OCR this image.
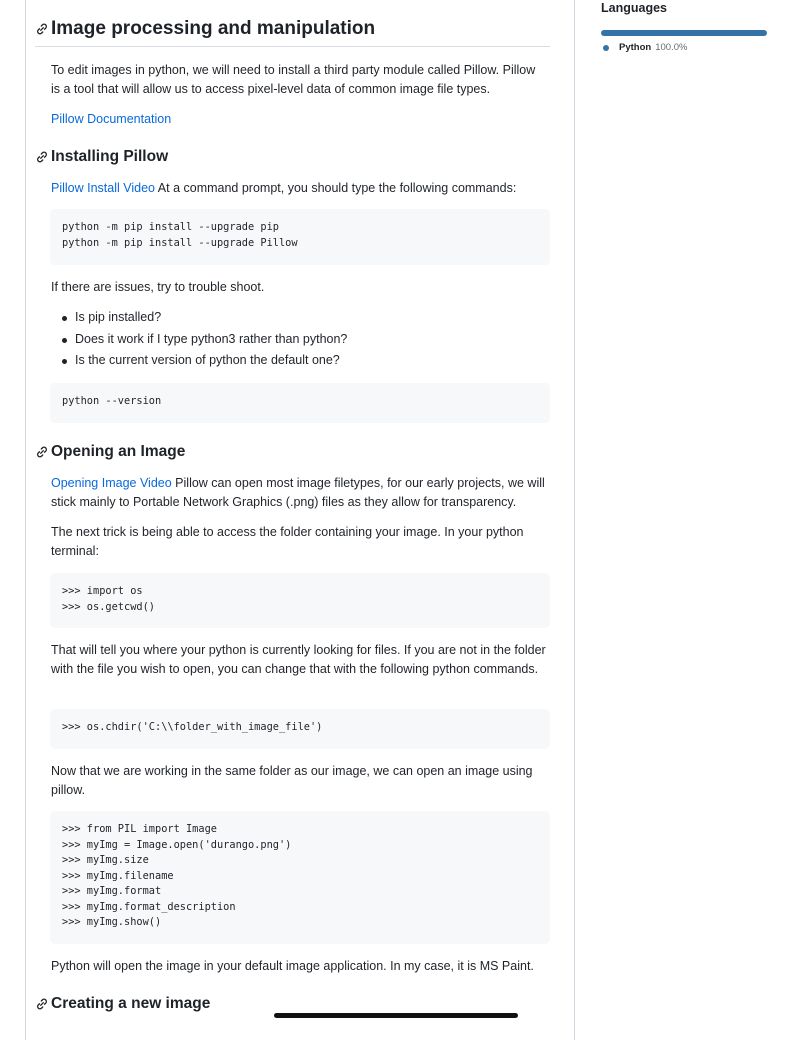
Image processing and manipulation

To edit images in python, we will need to install a third party module called Pillow. Pillow is a tool that will allow us to access pixel-level data of common image file types.

Pillow Documentation

Installing Pillow

Pillow Install Video At a command prompt, you should type the following commands:

python -m pip install --upgrade pip
python -m pip install --upgrade Pillow

If there are issues, try to trouble shoot.

Is pip installed?
Does it work if I type python3 rather than python?
Is the current version of python the default one?
python --version
Opening an Image

Opening Image Video Pillow can open most image filetypes, for our early projects, we will stick mainly to Portable Network Graphics (.png) files as they allow for transparency.

The next trick is being able to access the folder containing your image. In your python terminal:

>>> import os
>>> os.getcwd()

That will tell you where your python is currently looking for files. If you are not in the folder with the file you wish to open, you can change that with the following python commands.

>>> os.chdir('C:\\folder_with_image_file')

Now that we are working in the same folder as our image, we can open an image using pillow.

>>> from PIL import Image
>>> myImg = Image.open('durango.png')
>>> myImg.size
>>> myImg.filename
>>> myImg.format
>>> myImg.format_description
>>> myImg.show()

Python will open the image in your default image application. In my case, it is MS Paint.

Creating a new image
Languages
Python 100.0%
